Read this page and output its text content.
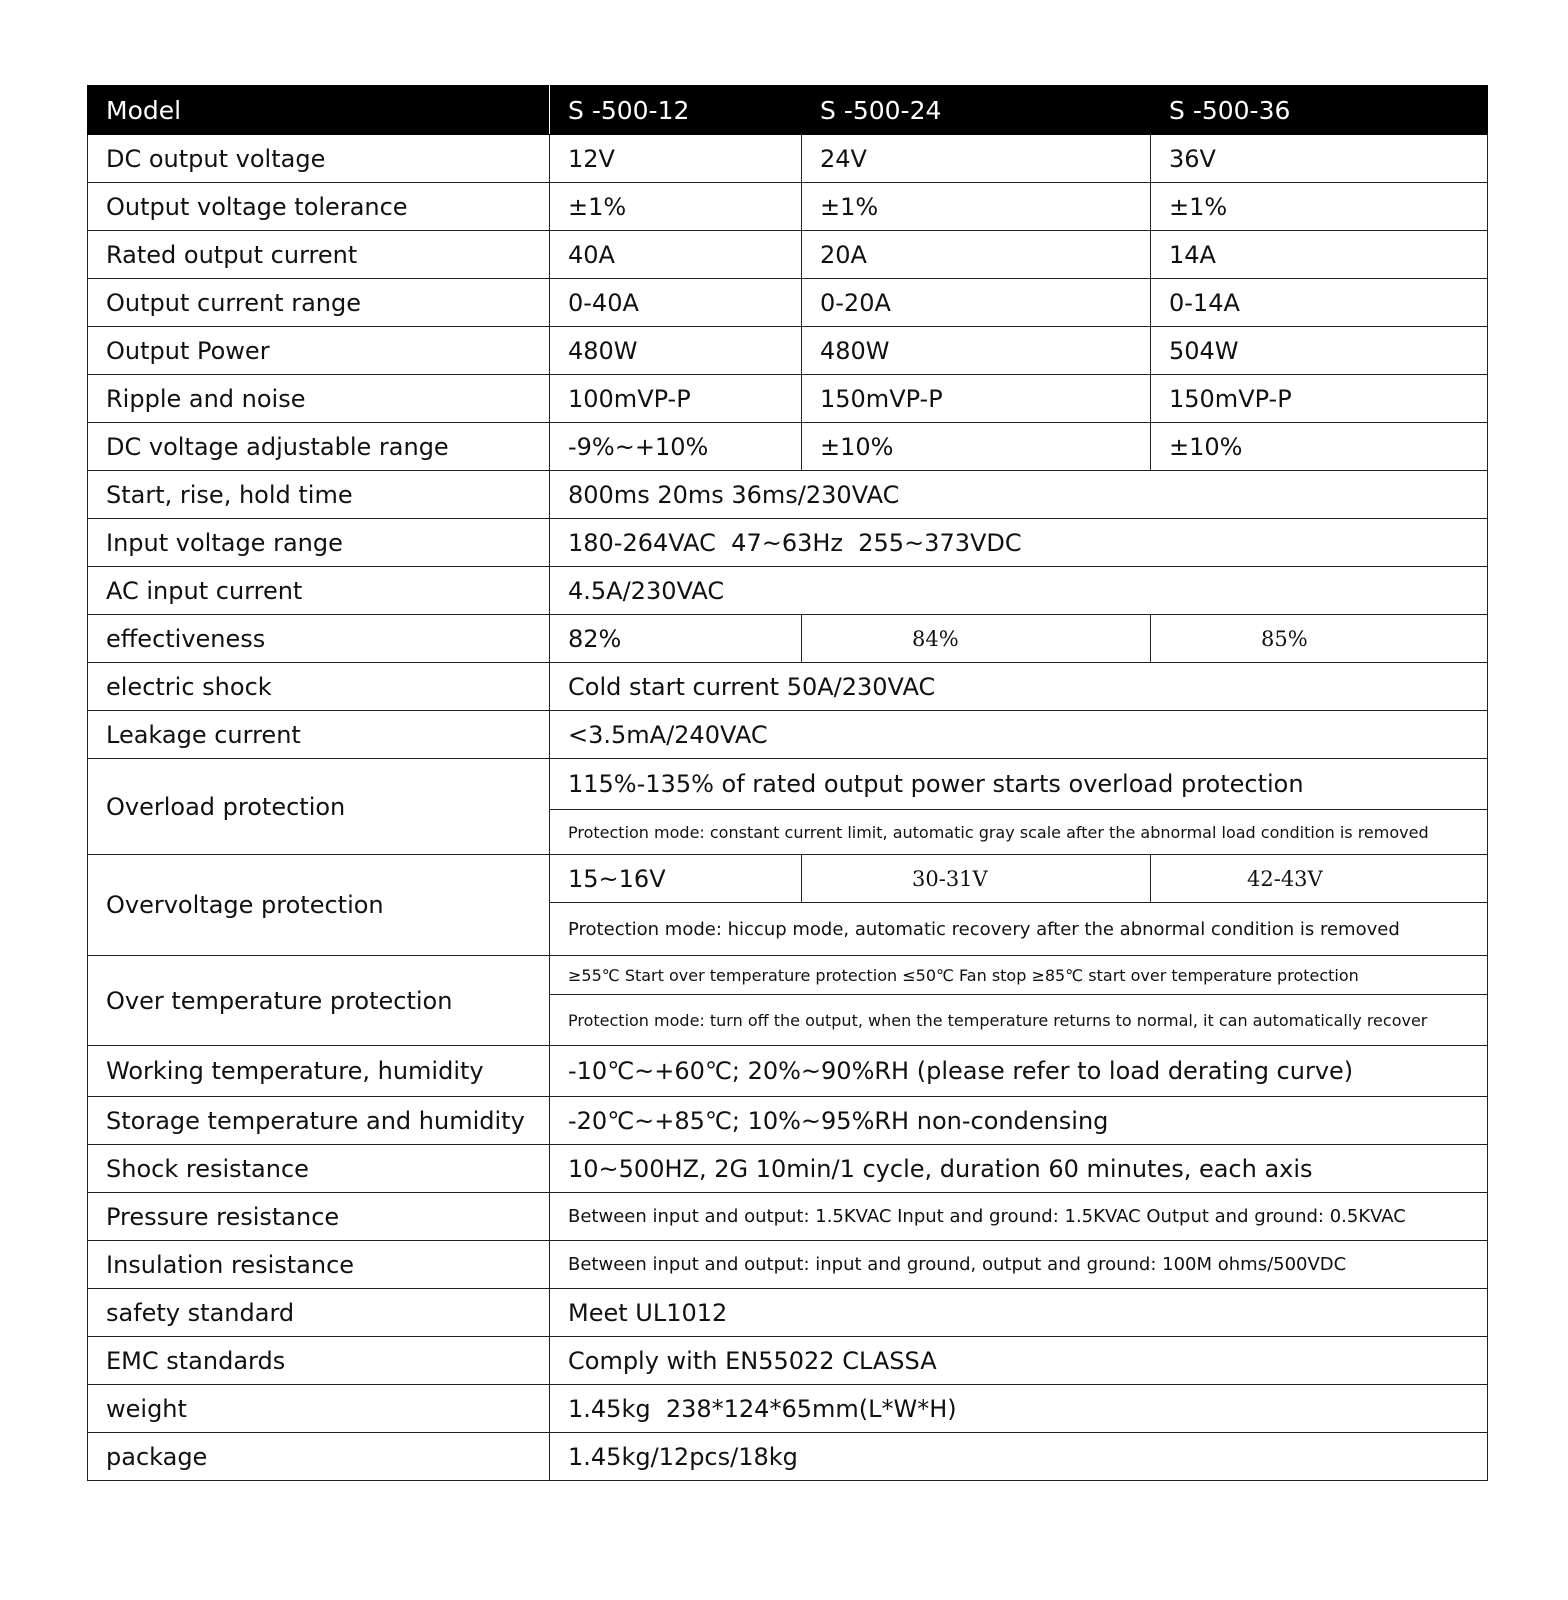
Model	S -500-12	S -500-24	S -500-36
DC output voltage	12V	24V	36V
Output voltage tolerance	±1%	±1%	±1%
Rated output current	40A	20A	14A
Output current range	0-40A	0-20A	0-14A
Output Power	480W	480W	504W
Ripple and noise	100mVP-P	150mVP-P	150mVP-P
DC voltage adjustable range	-9%~+10%	±10%	±10%
Start, rise, hold time	800ms 20ms 36ms/230VAC		
Input voltage range	180-264VAC  47~63Hz  255~373VDC		
AC input current	4.5A/230VAC		
effectiveness	82%	84%	85%
electric shock	Cold start current 50A/230VAC		
Leakage current	<3.5mA/240VAC		
Overload protection	115%-135% of rated output power starts overload protection		
	Protection mode: constant current limit, automatic gray scale after the abnormal load condition is removed		
Overvoltage protection	15~16V	30-31V	42-43V
	Protection mode: hiccup mode, automatic recovery after the abnormal condition is removed		
Over temperature protection	≥55℃ Start over temperature protection ≤50℃ Fan stop ≥85℃ start over temperature protection		
	Protection mode: turn off the output, when the temperature returns to normal, it can automatically recover		
Working temperature, humidity	-10℃~+60℃; 20%~90%RH (please refer to load derating curve)		
Storage temperature and humidity	-20℃~+85℃; 10%~95%RH non-condensing		
Shock resistance	10~500HZ, 2G 10min/1 cycle, duration 60 minutes, each axis		
Pressure resistance	Between input and output: 1.5KVAC Input and ground: 1.5KVAC Output and ground: 0.5KVAC		
Insulation resistance	Between input and output: input and ground, output and ground: 100M ohms/500VDC		
safety standard	Meet UL1012		
EMC standards	Comply with EN55022 CLASSA		
weight	1.45kg  238*124*65mm(L*W*H)		
package	1.45kg/12pcs/18kg		
